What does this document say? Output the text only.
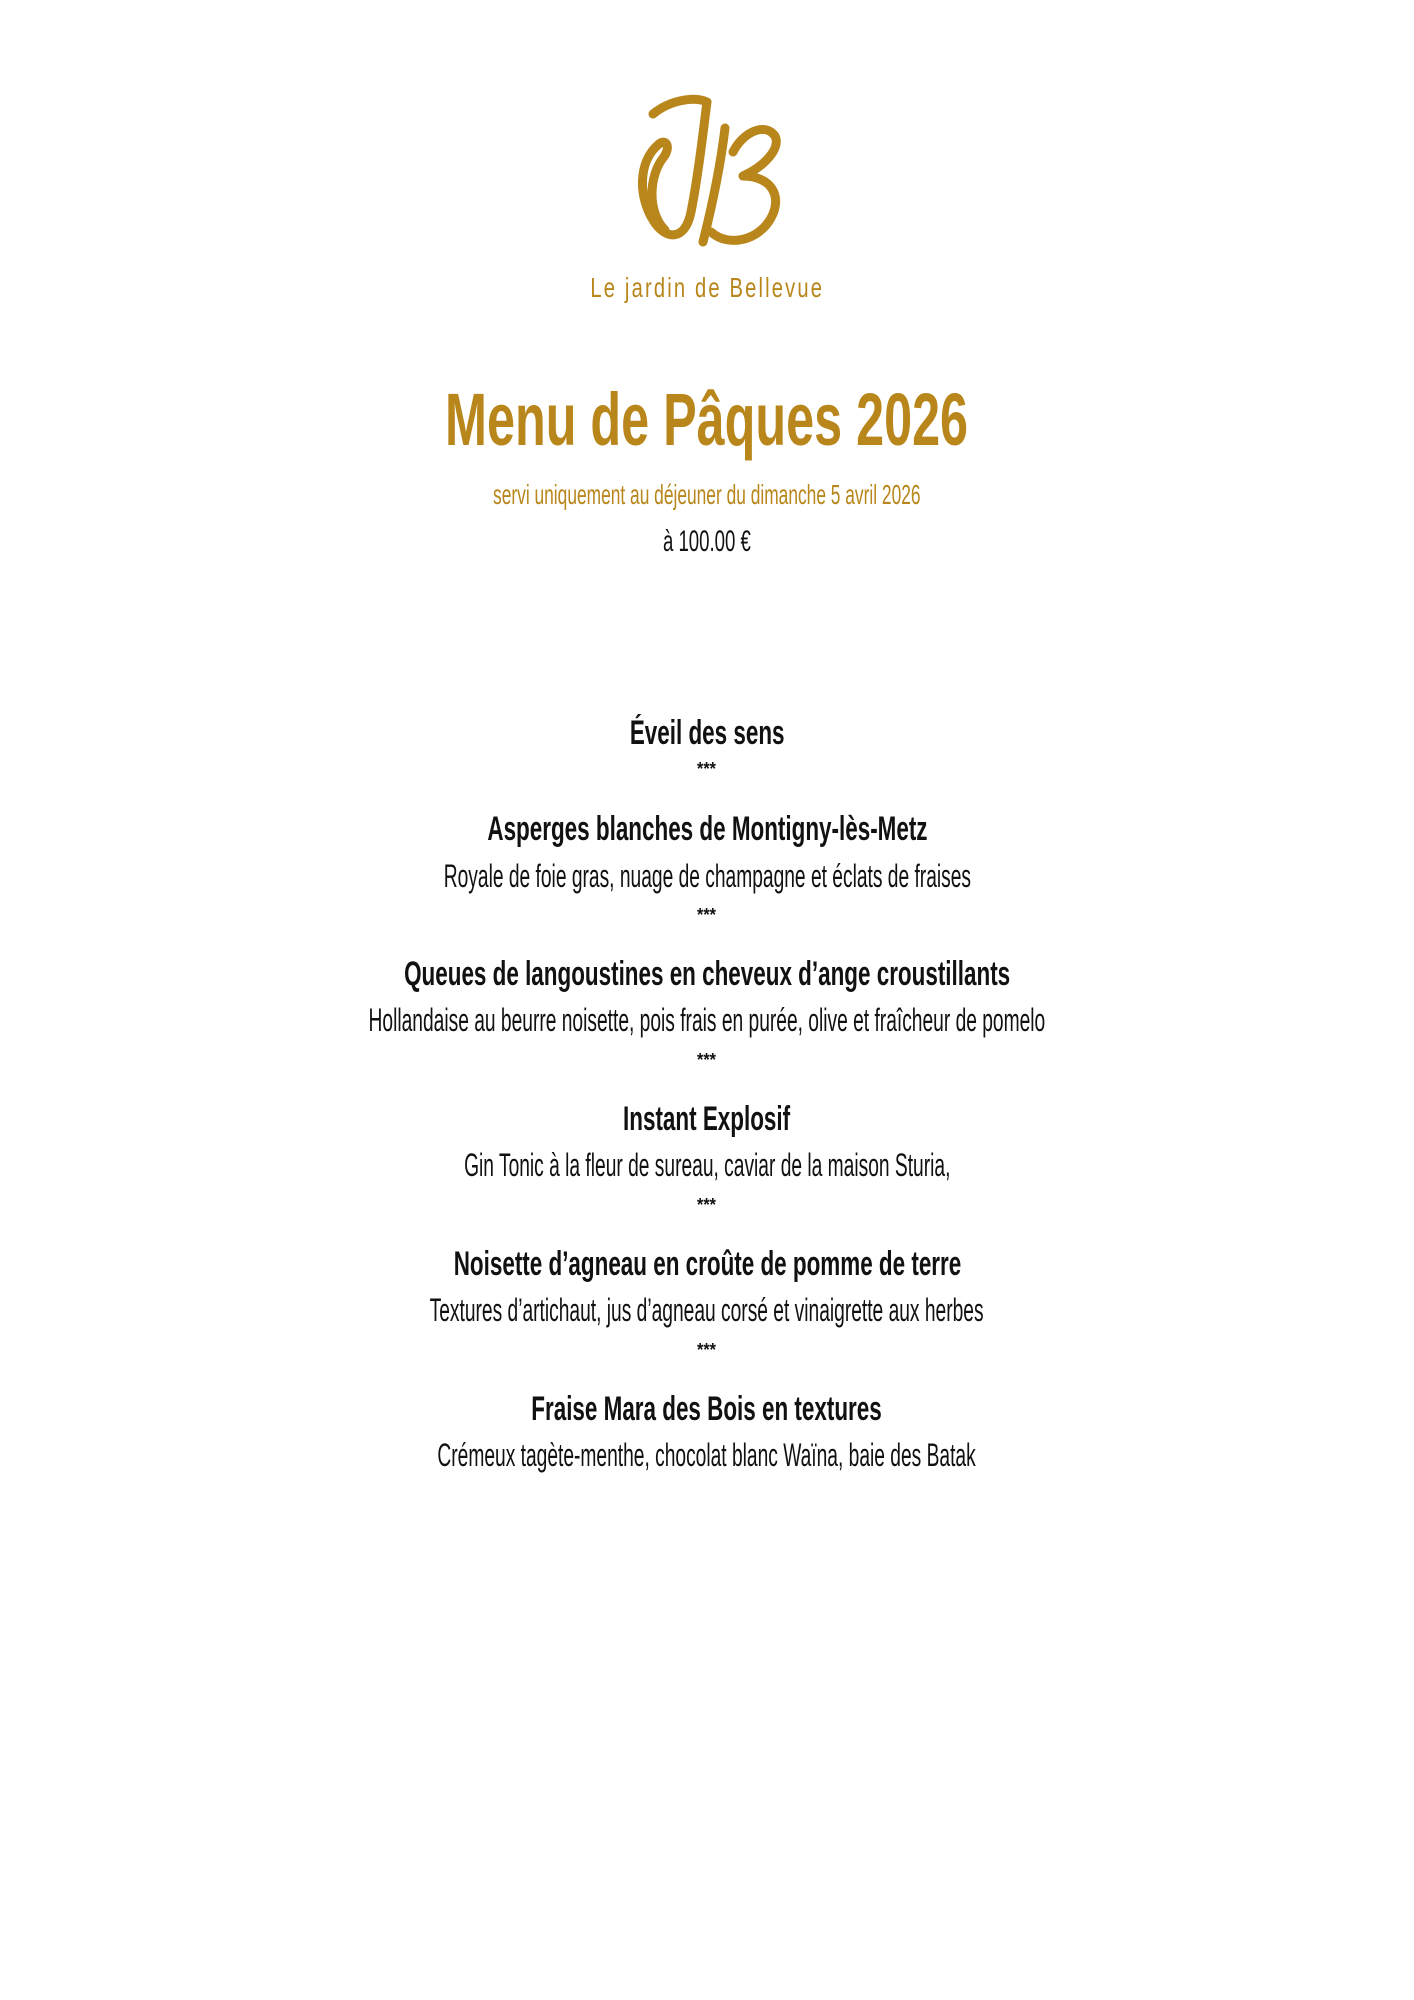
Le jardin de Bellevue
Menu de Pâques 2026
servi uniquement au déjeuner du dimanche 5 avril 2026
à 100.00 €
Éveil des sens
***
Asperges blanches de Montigny-lès-Metz
Royale de foie gras, nuage de champagne et éclats de fraises
***
Queues de langoustines en cheveux d’ange croustillants
Hollandaise au beurre noisette, pois frais en purée, olive et fraîcheur de pomelo
***
Instant Explosif
Gin Tonic à la fleur de sureau, caviar de la maison Sturia,
***
Noisette d’agneau en croûte de pomme de terre
Textures d’artichaut, jus d’agneau corsé et vinaigrette aux herbes
***
Fraise Mara des Bois en textures
Crémeux tagète-menthe, chocolat blanc Waïna, baie des Batak
